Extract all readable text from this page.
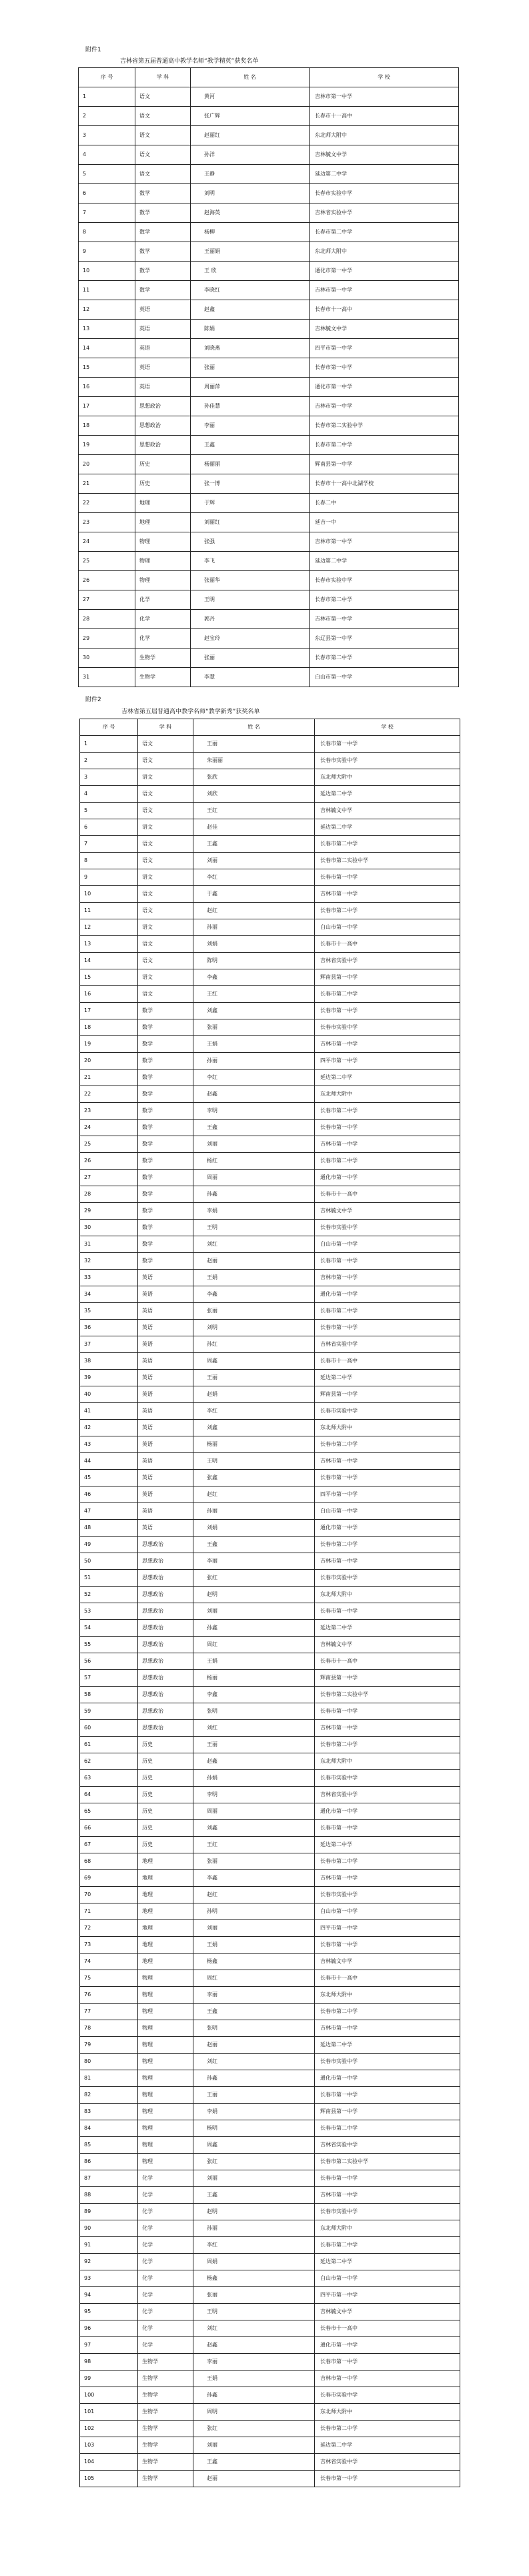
附件1
吉林省第五届普通高中教学名师“教学精英”获奖名单
序 号	学 科	姓 名	学 校
1	语文	黄河	吉林市第一中学
2	语文	张广辉	长春市十一高中
3	语文	赵丽红	东北师大附中
4	语文	孙洋	吉林毓文中学
5	语文	王静	延边第二中学
6	数学	刘明	长春市实验中学
7	数学	赵海英	吉林省实验中学
8	数学	杨柳	长春市第二中学
9	数学	王丽娟	东北师大附中
10	数学	王 欣	通化市第一中学
11	数学	李晓红	吉林市第一中学
12	英语	赵鑫	长春市十一高中
13	英语	陈娟	吉林毓文中学
14	英语	刘晓燕	四平市第一中学
15	英语	张丽	长春市第一中学
16	英语	周丽萍	通化市第一中学
17	思想政治	孙佳慧	吉林市第一中学
18	思想政治	李丽	长春市第二实验中学
19	思想政治	王鑫	长春市第二中学
20	历史	杨丽丽	辉南县第一中学
21	历史	张一博	长春市十一高中北湖学校
22	地理	于辉	长春二中
23	地理	刘丽红	延吉一中
24	物理	张强	吉林市第一中学
25	物理	李飞	延边第二中学
26	物理	张丽华	长春市实验中学
27	化学	王明	长春市第二中学
28	化学	郭丹	吉林市第一中学
29	化学	赵宝玲	东辽县第一中学
30	生物学	张丽	长春市第二中学
31	生物学	李慧	白山市第一中学
附件2
吉林省第五届普通高中教学名师“教学新秀”获奖名单
序 号	学 科	姓 名	学 校
1	语文	王丽	长春市第一中学
2	语文	朱丽丽	长春市实验中学
3	语文	张欣	东北师大附中
4	语文	刘欣	延边第二中学
5	语文	王红	吉林毓文中学
6	语文	赵佳	延边第二中学
7	语文	王鑫	长春市第二中学
8	语文	刘丽	长春市第二实验中学
9	语文	李红	长春市第一中学
10	语文	于鑫	吉林市第一中学
11	语文	赵红	长春市第二中学
12	语文	孙丽	白山市第一中学
13	语文	刘娟	长春市十一高中
14	语文	陈明	吉林省实验中学
15	语文	李鑫	辉南县第一中学
16	语文	王红	长春市第二中学
17	数学	刘鑫	长春市第一中学
18	数学	张丽	长春市实验中学
19	数学	王娟	吉林市第一中学
20	数学	孙丽	四平市第一中学
21	数学	李红	延边第二中学
22	数学	赵鑫	东北师大附中
23	数学	李明	长春市第二中学
24	数学	王鑫	长春市第一中学
25	数学	刘丽	吉林市第一中学
26	数学	杨红	长春市第二中学
27	数学	周丽	通化市第一中学
28	数学	孙鑫	长春市十一高中
29	数学	李娟	吉林毓文中学
30	数学	王明	长春市实验中学
31	数学	刘红	白山市第一中学
32	数学	赵丽	长春市第一中学
33	英语	王娟	吉林市第一中学
34	英语	李鑫	通化市第一中学
35	英语	张丽	长春市第二中学
36	英语	刘明	长春市第一中学
37	英语	孙红	吉林省实验中学
38	英语	周鑫	长春市十一高中
39	英语	王丽	延边第二中学
40	英语	赵娟	辉南县第一中学
41	英语	李红	长春市实验中学
42	英语	刘鑫	东北师大附中
43	英语	杨丽	长春市第二中学
44	英语	王明	吉林市第一中学
45	英语	张鑫	长春市第一中学
46	英语	赵红	四平市第一中学
47	英语	孙丽	白山市第一中学
48	英语	刘娟	通化市第一中学
49	思想政治	王鑫	长春市第二中学
50	思想政治	李丽	吉林市第一中学
51	思想政治	张红	长春市实验中学
52	思想政治	赵明	东北师大附中
53	思想政治	刘丽	长春市第一中学
54	思想政治	孙鑫	延边第二中学
55	思想政治	周红	吉林毓文中学
56	思想政治	王娟	长春市十一高中
57	思想政治	杨丽	辉南县第一中学
58	思想政治	李鑫	长春市第二实验中学
59	思想政治	张明	长春市第一中学
60	思想政治	刘红	吉林市第一中学
61	历史	王丽	长春市第二中学
62	历史	赵鑫	东北师大附中
63	历史	孙娟	长春市实验中学
64	历史	李明	吉林省实验中学
65	历史	周丽	通化市第一中学
66	历史	刘鑫	长春市第一中学
67	历史	王红	延边第二中学
68	地理	张丽	长春市第二中学
69	地理	李鑫	吉林市第一中学
70	地理	赵红	长春市实验中学
71	地理	孙明	白山市第一中学
72	地理	刘丽	四平市第一中学
73	地理	王娟	长春市第一中学
74	地理	杨鑫	吉林毓文中学
75	物理	周红	长春市十一高中
76	物理	李丽	东北师大附中
77	物理	王鑫	长春市第二中学
78	物理	张明	吉林市第一中学
79	物理	赵丽	延边第二中学
80	物理	刘红	长春市实验中学
81	物理	孙鑫	通化市第一中学
82	物理	王丽	长春市第一中学
83	物理	李娟	辉南县第一中学
84	物理	杨明	长春市第二中学
85	物理	周鑫	吉林省实验中学
86	物理	张红	长春市第二实验中学
87	化学	刘丽	长春市第一中学
88	化学	王鑫	吉林市第一中学
89	化学	赵明	长春市实验中学
90	化学	孙丽	东北师大附中
91	化学	李红	长春市第二中学
92	化学	周娟	延边第二中学
93	化学	杨鑫	白山市第一中学
94	化学	张丽	四平市第一中学
95	化学	王明	吉林毓文中学
96	化学	刘红	长春市十一高中
97	化学	赵鑫	通化市第一中学
98	生物学	李丽	长春市第一中学
99	生物学	王娟	吉林市第一中学
100	生物学	孙鑫	长春市实验中学
101	生物学	周明	东北师大附中
102	生物学	张红	长春市第二中学
103	生物学	刘丽	延边第二中学
104	生物学	王鑫	吉林省实验中学
105	生物学	赵丽	长春市第一中学
